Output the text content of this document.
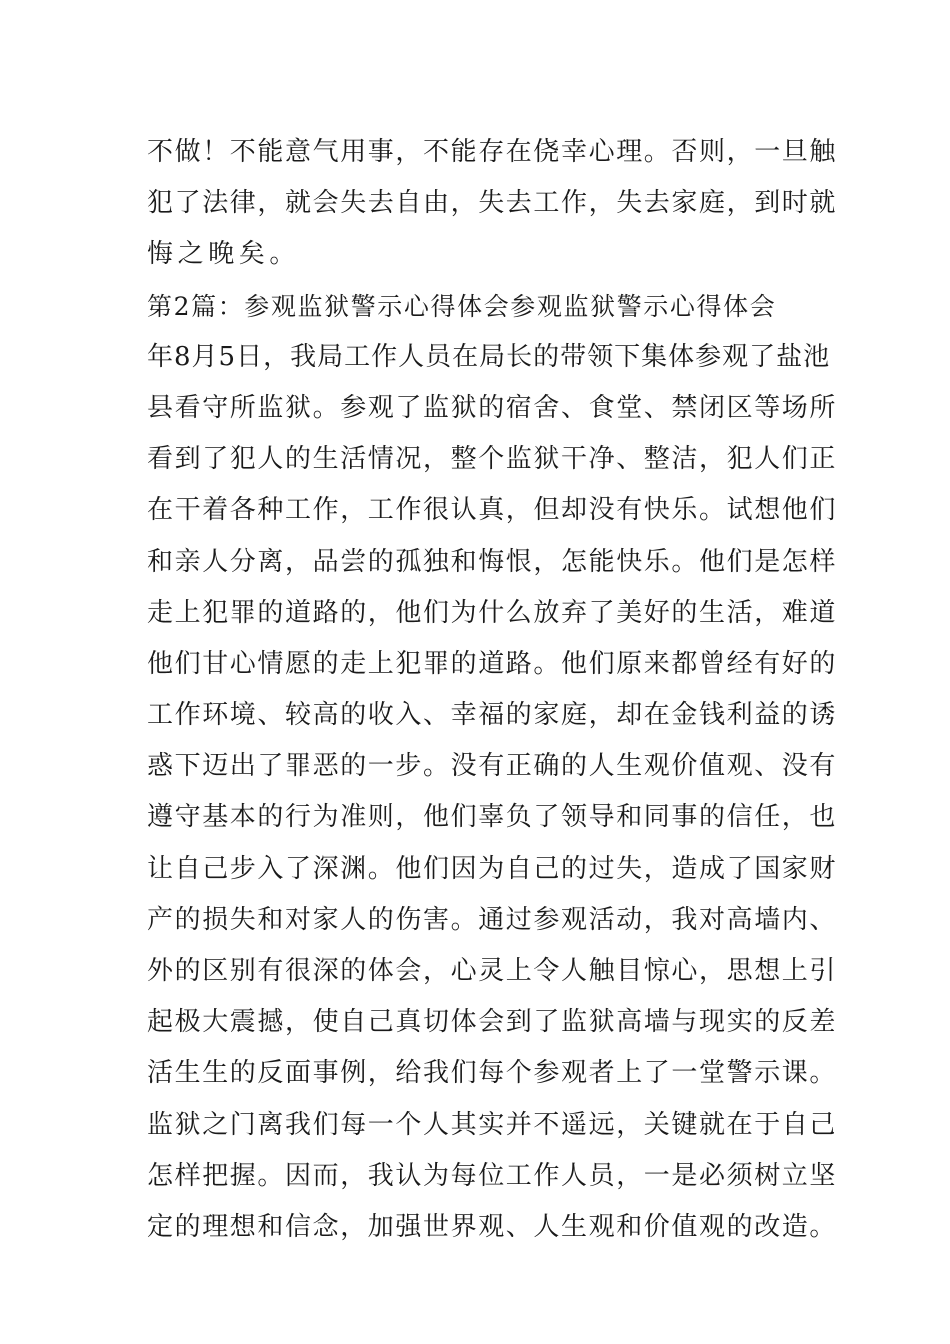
不做！不能意气用事，不能存在侥幸心理。否则，一旦触
犯了法律，就会失去自由，失去工作，失去家庭，到时就
悔之晚矣。
第2篇：参观监狱警示心得体会参观监狱警示心得体会
年8月5日，我局工作人员在局长的带领下集体参观了盐池
县看守所监狱。参观了监狱的宿舍、食堂、禁闭区等场所
看到了犯人的生活情况，整个监狱干净、整洁，犯人们正
在干着各种工作，工作很认真，但却没有快乐。试想他们
和亲人分离，品尝的孤独和悔恨，怎能快乐。他们是怎样
走上犯罪的道路的，他们为什么放弃了美好的生活，难道
他们甘心情愿的走上犯罪的道路。他们原来都曾经有好的
工作环境、较高的收入、幸福的家庭，却在金钱利益的诱
惑下迈出了罪恶的一步。没有正确的人生观价值观、没有
遵守基本的行为准则，他们辜负了领导和同事的信任，也
让自己步入了深渊。他们因为自己的过失，造成了国家财
产的损失和对家人的伤害。通过参观活动，我对高墙内、
外的区别有很深的体会，心灵上令人触目惊心，思想上引
起极大震撼，使自己真切体会到了监狱高墙与现实的反差
活生生的反面事例，给我们每个参观者上了一堂警示课。
监狱之门离我们每一个人其实并不遥远，关键就在于自己
怎样把握。因而，我认为每位工作人员，一是必须树立坚
定的理想和信念，加强世界观、人生观和价值观的改造。
